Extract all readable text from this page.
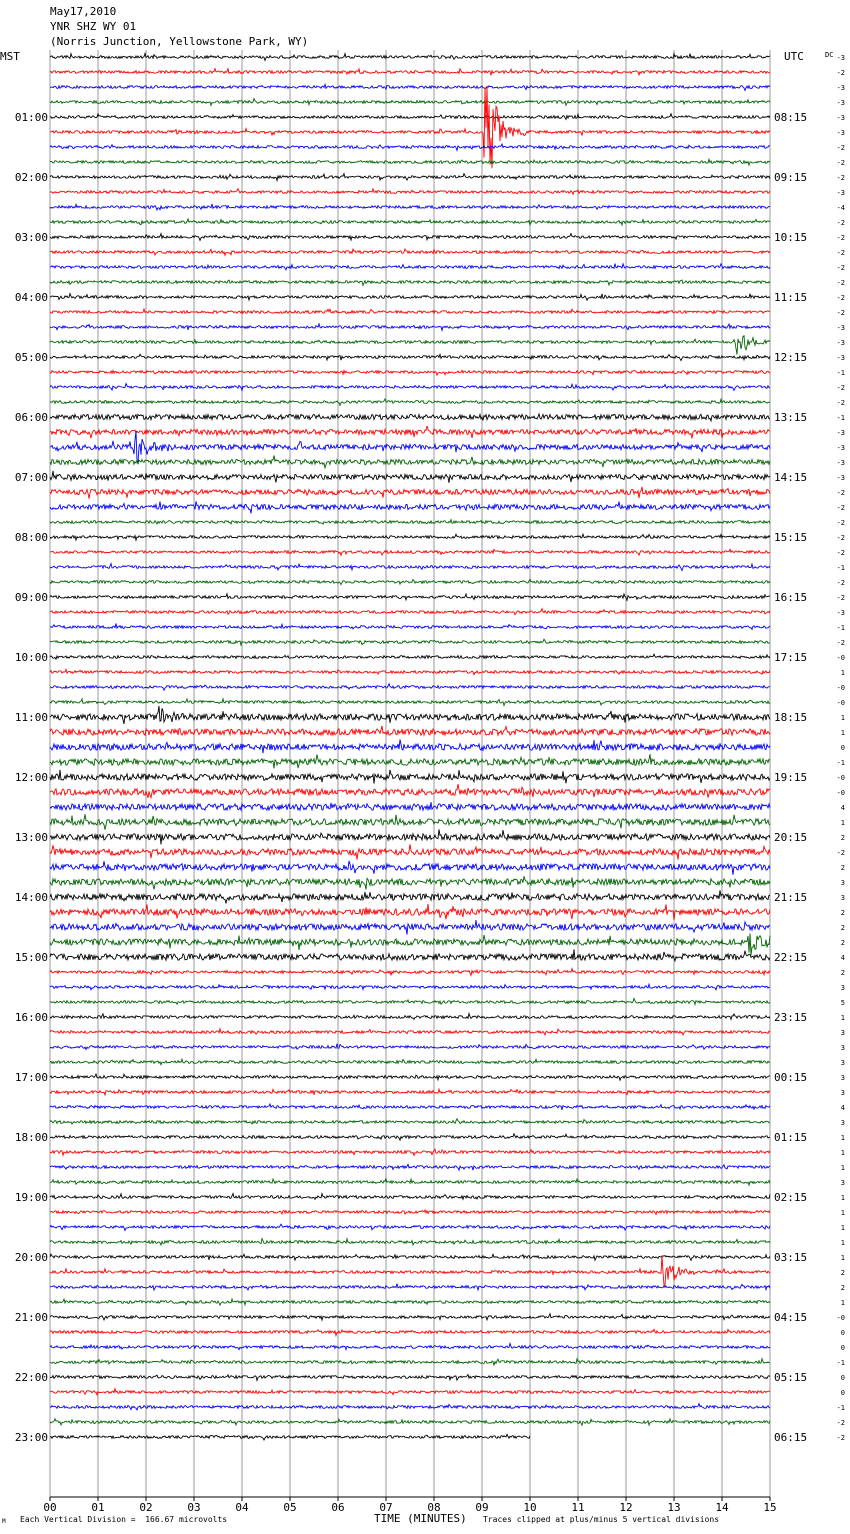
May17,2010
YNR SHZ WY 01
(Norris Junction, Yellowstone Park, WY)
00	01	02	03	04	05	06	07	08	09	10	11	12	13	14	15
-3
-2
-3
-3
-3
-3
-2
-2
-2
-3
-4
-2
-2
-2
-2
-2
-2
-2
-3
-3
-3
-1
-2
-2
-1
-3
-3
-3
-3
-2
-2
-2
-2
-2
-1
-2
-2
-3
-1
-2
-0
1
-0
-0
1
1
0
-1
-0
-0
4
1
2
-2
2
3
3
2
2
2
4
2
3
5
1
3
3
3
3
3
4
3
1
1
1
3
1
1
1
1
1
2
2
1
-0
0
0
-1
0
0
-1
-2
-2
01:00
02:00
03:00
04:00
05:00
06:00
07:00
08:00
09:00
10:00
11:00
12:00
13:00
14:00
15:00
16:00
17:00
18:00
19:00
20:00
21:00
22:00
23:00
08:15
09:15
10:15
11:15
12:15
13:15
14:15
15:15
16:15
17:15
18:15
19:15
20:15
21:15
22:15
23:15
00:15
01:15
02:15
03:15
04:15
05:15
06:15
MST	UTC	DC
M Each Vertical Division =  166.67 microvolts	TIME (MINUTES) Traces clipped at plus/minus 5 vertical divisions
